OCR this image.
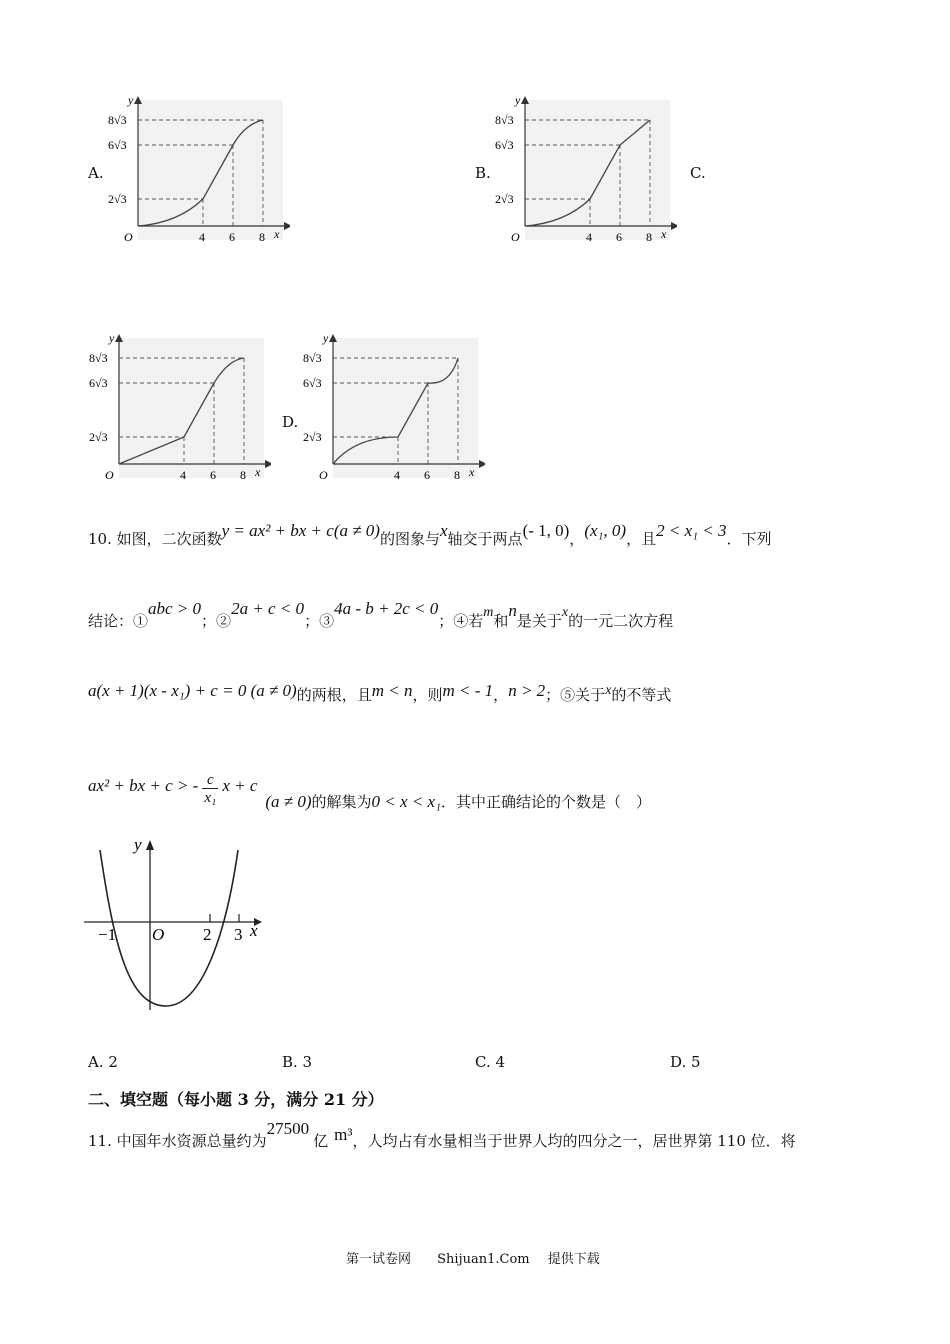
A.	B.	C.
D.
8√3
6√3
2√3
4 6 8
O	x
y
8√3
6√3
2√3
4 6 8
O	x
y
8√3
6√3
2√3
4 6 8
O	x
y
8√3
6√3
2√3
4 6 8
O	x
y
10. 如图，二次函数y = ax² + bx + c(a ≠ 0)的图象与x轴交于两点(- 1, 0)，(x₁, 0)，且2 < x₁ < 3．下列
结论：①abc > 0；②2a + c < 0；③4a - b + 2c < 0；④若m和n是关于x的一元二次方程
a(x + 1)(x - x₁) + c = 0 (a ≠ 0)的两根，且m < n，则m < - 1，n > 2；⑤关于x的不等式
ax² + bx + c > - c
x₁
x + c
(a ≠ 0) 的解集为 0 < x < x₁ ．其中正确结论的个数是（　）
−1 O 2 3 x
y
A. 2	B. 3	C. 4	D. 5
二、填空题（每小题 3 分，满分 21 分）
11. 中国年水资源总量约为27500亿 m³，人均占有水量相当于世界人均的四分之一，居世界第 110 位．将
第一试卷网 Shijuan1.Com 提供下载
